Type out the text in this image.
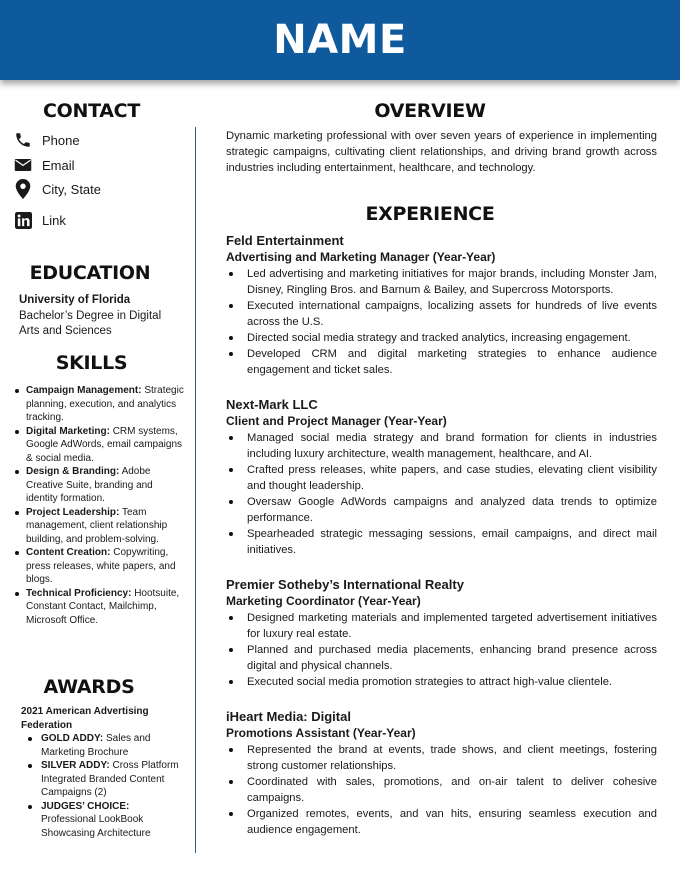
NAME
CONTACT
Phone
Email
City, State
Link
EDUCATION
University of Florida
Bachelor’s Degree in Digital Arts and Sciences
SKILLS
Campaign Management: Strategic planning, execution, and analytics tracking.
Digital Marketing: CRM systems, Google AdWords, email campaigns & social media.
Design & Branding: Adobe Creative Suite, branding and identity formation.
Project Leadership: Team management, client relationship building, and problem-solving.
Content Creation: Copywriting, press releases, white papers, and blogs.
Technical Proficiency: Hootsuite, Constant Contact, Mailchimp, Microsoft Office.
AWARDS
2021 American Advertising Federation
GOLD ADDY: Sales and Marketing Brochure
SILVER ADDY: Cross Platform Integrated Branded Content Campaigns (2)
JUDGES’ CHOICE: Professional LookBook Showcasing Architecture
OVERVIEW

Dynamic marketing professional with over seven years of experience in implementing strategic campaigns, cultivating client relationships, and driving brand growth across industries including entertainment, healthcare, and technology.

EXPERIENCE
Feld Entertainment
Advertising and Marketing Manager (Year-Year)
Led advertising and marketing initiatives for major brands, including Monster Jam, Disney, Ringling Bros. and Barnum & Bailey, and Supercross Motorsports.
Executed international campaigns, localizing assets for hundreds of live events across the U.S.
Directed social media strategy and tracked analytics, increasing engagement.
Developed CRM and digital marketing strategies to enhance audience engagement and ticket sales.
Next-Mark LLC
Client and Project Manager (Year-Year)
Managed social media strategy and brand formation for clients in industries including luxury architecture, wealth management, healthcare, and AI.
Crafted press releases, white papers, and case studies, elevating client visibility and thought leadership.
Oversaw Google AdWords campaigns and analyzed data trends to optimize performance.
Spearheaded strategic messaging sessions, email campaigns, and direct mail initiatives.
Premier Sotheby’s International Realty
Marketing Coordinator (Year-Year)
Designed marketing materials and implemented targeted advertisement initiatives for luxury real estate.
Planned and purchased media placements, enhancing brand presence across digital and physical channels.
Executed social media promotion strategies to attract high-value clientele.
iHeart Media: Digital
Promotions Assistant (Year-Year)
Represented the brand at events, trade shows, and client meetings, fostering strong customer relationships.
Coordinated with sales, promotions, and on-air talent to deliver cohesive campaigns.
Organized remotes, events, and van hits, ensuring seamless execution and audience engagement.
